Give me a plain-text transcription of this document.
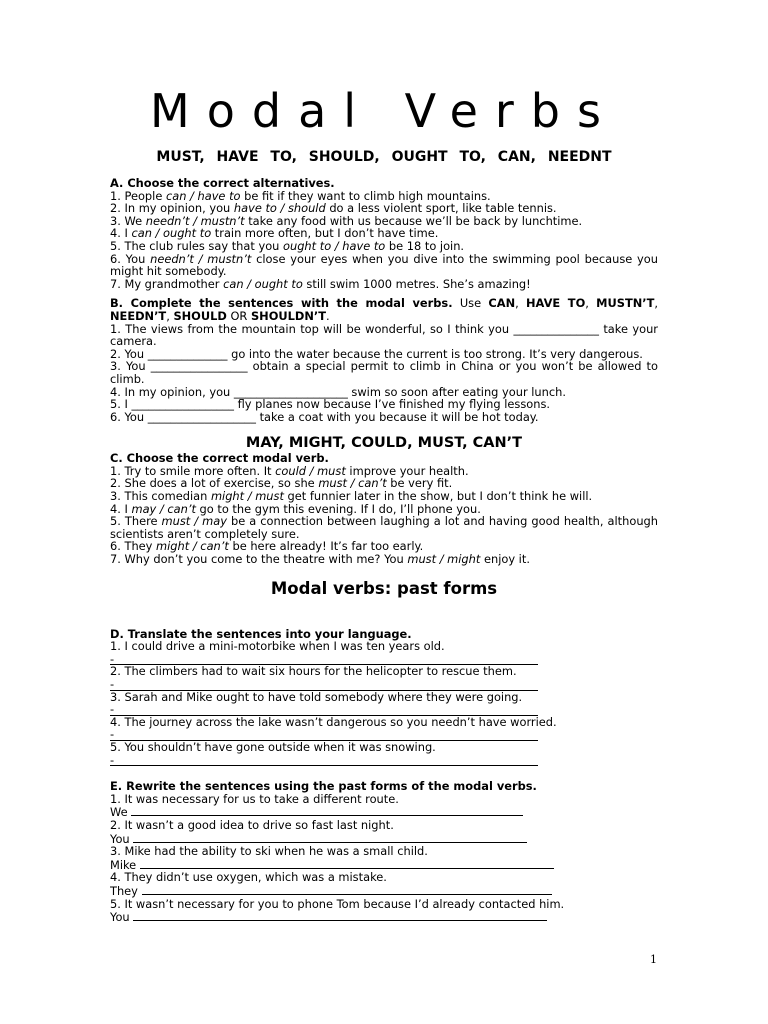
Modal Verbs
MUST, HAVE TO, SHOULD, OUGHT TO, CAN, NEEDNT

A. Choose the correct alternatives.

1. People can / have to be fit if they want to climb high mountains.

2. In my opinion, you have to / should do a less violent sport, like table tennis.

3. We needn’t / mustn’t take any food with us because we’ll be back by lunchtime.

4. I can / ought to train more often, but I don’t have time.

5. The club rules say that you ought to / have to be 18 to join.

6. You needn’t / mustn’t close your eyes when you dive into the swimming pool because you might hit somebody.

7. My grandmother can / ought to still swim 1000 metres. She’s amazing!

B. Complete the sentences with the modal verbs. Use CAN, HAVE TO, MUSTN’T, NEEDN’T, SHOULD OR SHOULDN’T.

1. The views from the mountain top will be wonderful, so I think you _______________ take your camera.

2. You ______________ go into the water because the current is too strong. It’s very dangerous.

3. You _________________ obtain a special permit to climb in China or you won’t be allowed to climb.

4. In my opinion, you ____________________ swim so soon after eating your lunch.

5. I __________________ fly planes now because I’ve finished my flying lessons.

6. You ___________________ take a coat with you because it will be hot today.

MAY, MIGHT, COULD, MUST, CAN’T

C. Choose the correct modal verb.

1. Try to smile more often. It could / must improve your health.

2. She does a lot of exercise, so she must / can’t be very fit.

3. This comedian might / must get funnier later in the show, but I don’t think he will.

4. I may / can’t go to the gym this evening. If I do, I’ll phone you.

5. There must / may be a connection between laughing a lot and having good health, although scientists aren’t completely sure.

6. They might / can’t be here already! It’s far too early.

7. Why don’t you come to the theatre with me? You must / might enjoy it.

Modal verbs: past forms

D. Translate the sentences into your language.

1. I could drive a mini-motorbike when I was ten years old.

-

2. The climbers had to wait six hours for the helicopter to rescue them.

-

3. Sarah and Mike ought to have told somebody where they were going.

-

4. The journey across the lake wasn’t dangerous so you needn’t have worried.

-

5. You shouldn’t have gone outside when it was snowing.

-

E. Rewrite the sentences using the past forms of the modal verbs.

1. It was necessary for us to take a different route.

We

2. It wasn’t a good idea to drive so fast last night.

You

3. Mike had the ability to ski when he was a small child.

Mike

4. They didn’t use oxygen, which was a mistake.

They

5. It wasn’t necessary for you to phone Tom because I’d already contacted him.

You
1
